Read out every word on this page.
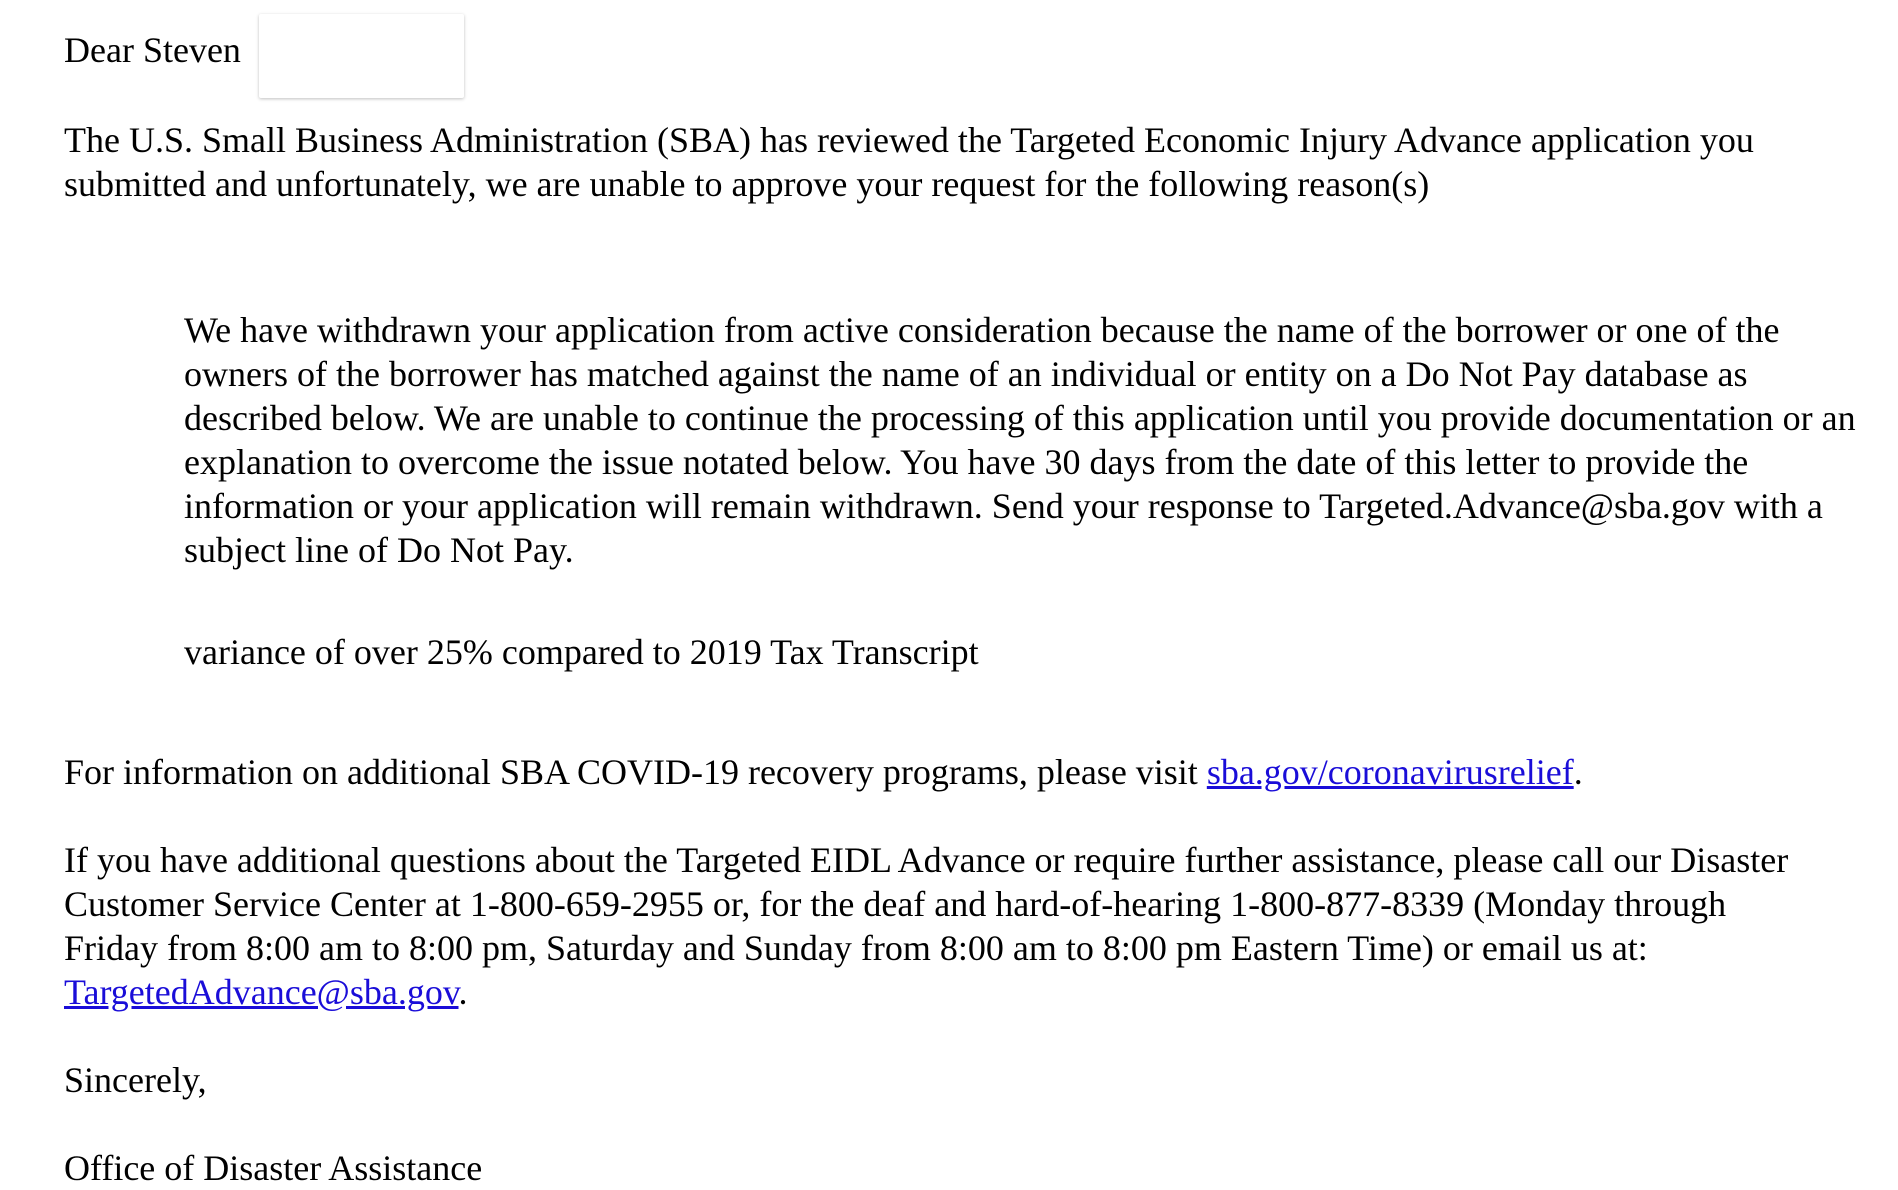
Dear Steven

The U.S. Small Business Administration (SBA) has reviewed the Targeted Economic Injury Advance application you submitted and unfortunately, we are unable to approve your request for the following reason(s)

We have withdrawn your application from active consideration because the name of the borrower or one of the owners of the borrower has matched against the name of an individual or entity on a Do Not Pay database as described below. We are unable to continue the processing of this application until you provide documentation or an explanation to overcome the issue notated below. You have 30 days from the date of this letter to provide the information or your application will remain withdrawn. Send your response to Targeted.Advance@sba.gov with a subject line of Do Not Pay.

variance of over 25% compared to 2019 Tax Transcript

For information on additional SBA COVID-19 recovery programs, please visit sba.gov/coronavirusrelief.

If you have additional questions about the Targeted EIDL Advance or require further assistance, please call our Disaster Customer Service Center at 1-800-659-2955 or, for the deaf and hard-of-hearing 1-800-877-8339 (Monday through Friday from 8:00 am to 8:00 pm, Saturday and Sunday from 8:00 am to 8:00 pm Eastern Time) or email us at: TargetedAdvance@sba.gov.

Sincerely,

Office of Disaster Assistance
